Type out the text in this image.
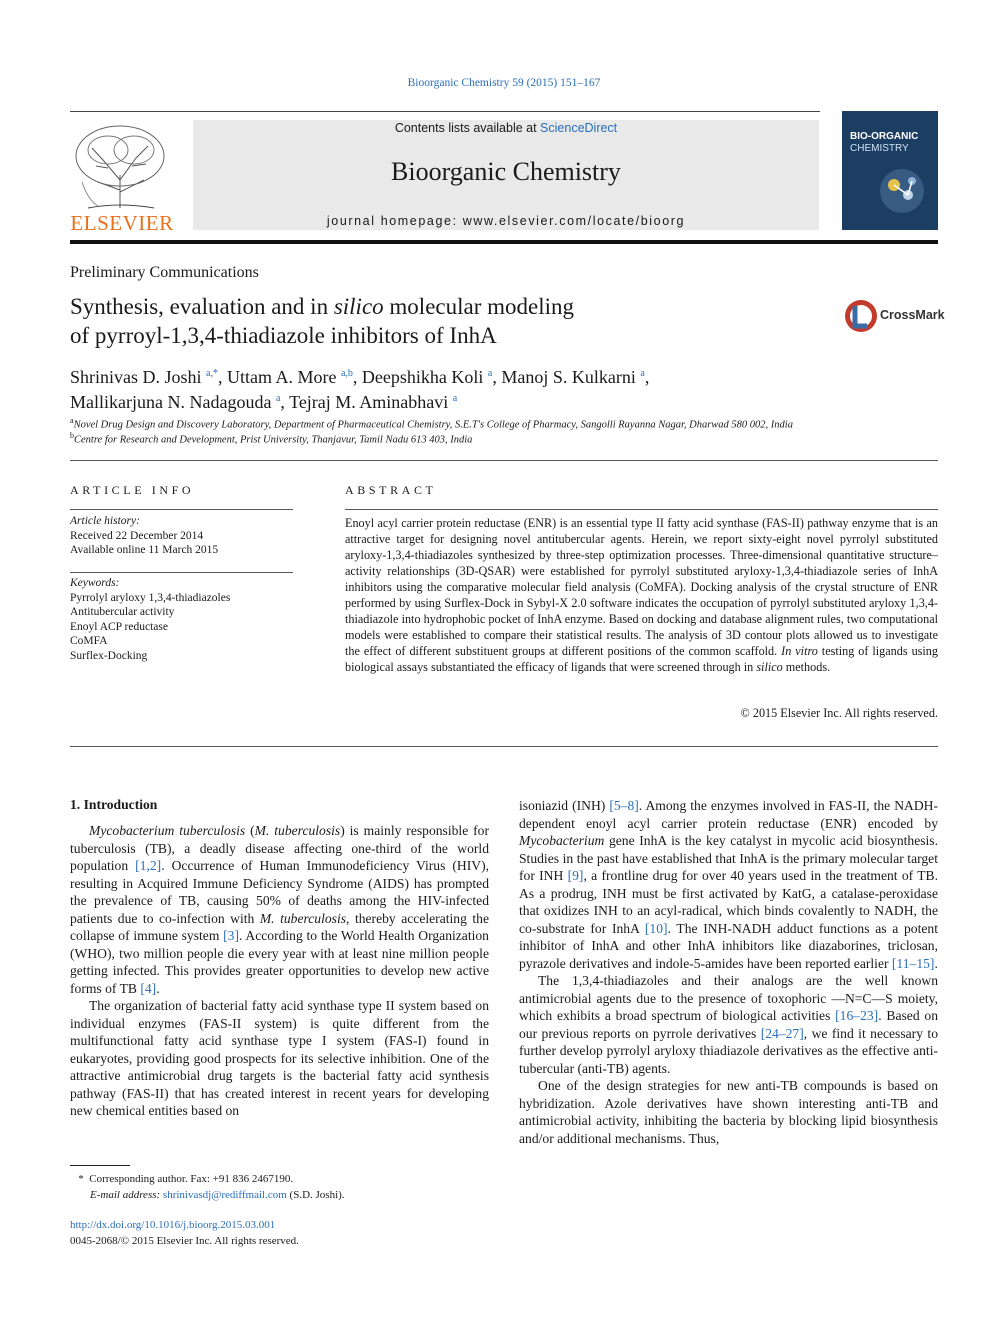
Bioorganic Chemistry 59 (2015) 151–167
ELSEVIER
Contents lists available at ScienceDirect
Bioorganic Chemistry
journal homepage: www.elsevier.com/locate/bioorg
BIO-ORGANIC
CHEMISTRY
Preliminary Communications
Synthesis, evaluation and in silico molecular modeling
of pyrroyl-1,3,4-thiadiazole inhibitors of InhA
CrossMark
Shrinivas D. Joshi $^{a,*}$, Uttam A. More $^{a,b}$, Deepshikha Koli $^a$, Manoj S. Kulkarni $^a$,
Mallikarjuna N. Nadagouda $^a$, Tejraj M. Aminabhavi $^a$
$^a$Novel Drug Design and Discovery Laboratory, Department of Pharmaceutical Chemistry, S.E.T's College of Pharmacy, Sangolli Rayanna Nagar, Dharwad 580 002, India
$^b$Centre for Research and Development, Prist University, Thanjavur, Tamil Nadu 613 403, India
ARTICLE INFO
Article history:
Received 22 December 2014
Available online 11 March 2015
Keywords:
Pyrrolyl aryloxy 1,3,4-thiadiazoles
Antitubercular activity
Enoyl ACP reductase
CoMFA
Surflex-Docking
ABSTRACT
Enoyl acyl carrier protein reductase (ENR) is an essential type II fatty acid synthase (FAS-II) pathway enzyme that is an attractive target for designing novel antitubercular agents. Herein, we report sixty-eight novel pyrrolyl substituted aryloxy-1,3,4-thiadiazoles synthesized by three-step optimization processes. Three-dimensional quantitative structure–activity relationships (3D-QSAR) were established for pyrrolyl substituted aryloxy-1,3,4-thiadiazole series of InhA inhibitors using the comparative molecular field analysis (CoMFA). Docking analysis of the crystal structure of ENR performed by using Surflex-Dock in Sybyl-X 2.0 software indicates the occupation of pyrrolyl substituted aryloxy 1,3,4-thiadiazole into hydrophobic pocket of InhA enzyme. Based on docking and database alignment rules, two computational models were established to compare their statistical results. The analysis of 3D contour plots allowed us to investigate the effect of different substituent groups at different positions of the common scaffold. In vitro testing of ligands using biological assays substantiated the efficacy of ligands that were screened through in silico methods.
© 2015 Elsevier Inc. All rights reserved.
1. Introduction

Mycobacterium tuberculosis (M. tuberculosis) is mainly responsible for tuberculosis (TB), a deadly disease affecting one-third of the world population [1,2]. Occurrence of Human Immunodeficiency Virus (HIV), resulting in Acquired Immune Deficiency Syndrome (AIDS) has prompted the prevalence of TB, causing 50% of deaths among the HIV-infected patients due to co-infection with M. tuberculosis, thereby accelerating the collapse of immune system [3]. According to the World Health Organization (WHO), two million people die every year with at least nine million people getting infected. This provides greater opportunities to develop new active forms of TB [4].

The organization of bacterial fatty acid synthase type II system based on individual enzymes (FAS-II system) is quite different from the multifunctional fatty acid synthase type I system (FAS-I) found in eukaryotes, providing good prospects for its selective inhibition. One of the attractive antimicrobial drug targets is the bacterial fatty acid synthesis pathway (FAS-II) that has created interest in recent years for developing new chemical entities based on

isoniazid (INH) [5–8]. Among the enzymes involved in FAS-II, the NADH-dependent enoyl acyl carrier protein reductase (ENR) encoded by Mycobacterium gene InhA is the key catalyst in mycolic acid biosynthesis. Studies in the past have established that InhA is the primary molecular target for INH [9], a frontline drug for over 40 years used in the treatment of TB. As a prodrug, INH must be first activated by KatG, a catalase-peroxidase that oxidizes INH to an acyl-radical, which binds covalently to NADH, the co-substrate for InhA [10]. The INH-NADH adduct functions as a potent inhibitor of InhA and other InhA inhibitors like diazaborines, triclosan, pyrazole derivatives and indole-5-amides have been reported earlier [11–15].

The 1,3,4-thiadiazoles and their analogs are the well known antimicrobial agents due to the presence of toxophoric —N=C—S moiety, which exhibits a broad spectrum of biological activities [16–23]. Based on our previous reports on pyrrole derivatives [24–27], we find it necessary to further develop pyrrolyl aryloxy thiadiazole derivatives as the effective anti-tubercular (anti-TB) agents.

One of the design strategies for new anti-TB compounds is based on hybridization. Azole derivatives have shown interesting anti-TB and antimicrobial activity, inhibiting the bacteria by blocking lipid biosynthesis and/or additional mechanisms. Thus,

* Corresponding author. Fax: +91 836 2467190.
E-mail address: shrinivasdj@rediffmail.com (S.D. Joshi).
http://dx.doi.org/10.1016/j.bioorg.2015.03.001
0045-2068/© 2015 Elsevier Inc. All rights reserved.
